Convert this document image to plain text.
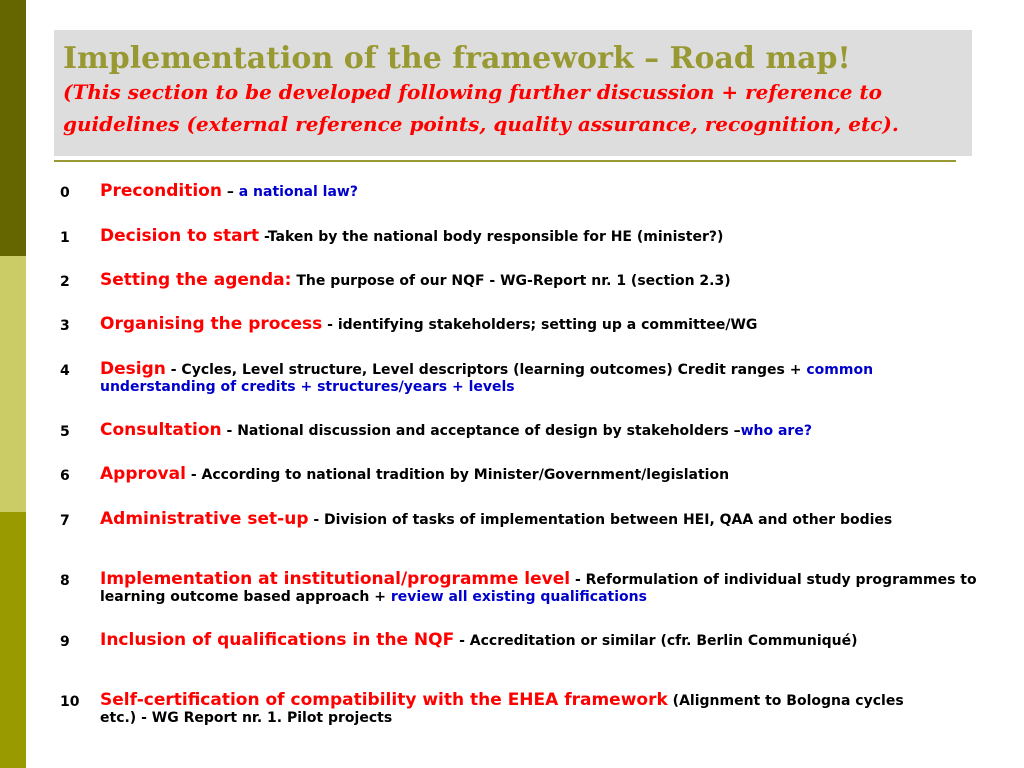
Implementation of the framework – Road map!
(This section to be developed following further discussion + reference to
guidelines (external reference points, quality assurance, recognition, etc).
0 Precondition – a national law?
1 Decision to start -Taken by the national body responsible for HE (minister?)
2 Setting the agenda: The purpose of our NQF - WG-Report nr. 1 (section 2.3)
3 Organising the process - identifying stakeholders; setting up a committee/WG
4 Design - Cycles, Level structure, Level descriptors (learning outcomes) Credit ranges + common understanding of credits + structures/years + levels
5 Consultation - National discussion and acceptance of design by stakeholders –who are?
6 Approval - According to national tradition by Minister/Government/legislation
7 Administrative set-up - Division of tasks of implementation between HEI, QAA and other bodies
8 Implementation at institutional/programme level - Reformulation of individual study programmes to learning outcome based approach + review all existing qualifications
9 Inclusion of qualifications in the NQF - Accreditation or similar (cfr. Berlin Communiqué)
10 Self-certification of compatibility with the EHEA framework (Alignment to Bologna cycles etc.) - WG Report nr. 1. Pilot projects
